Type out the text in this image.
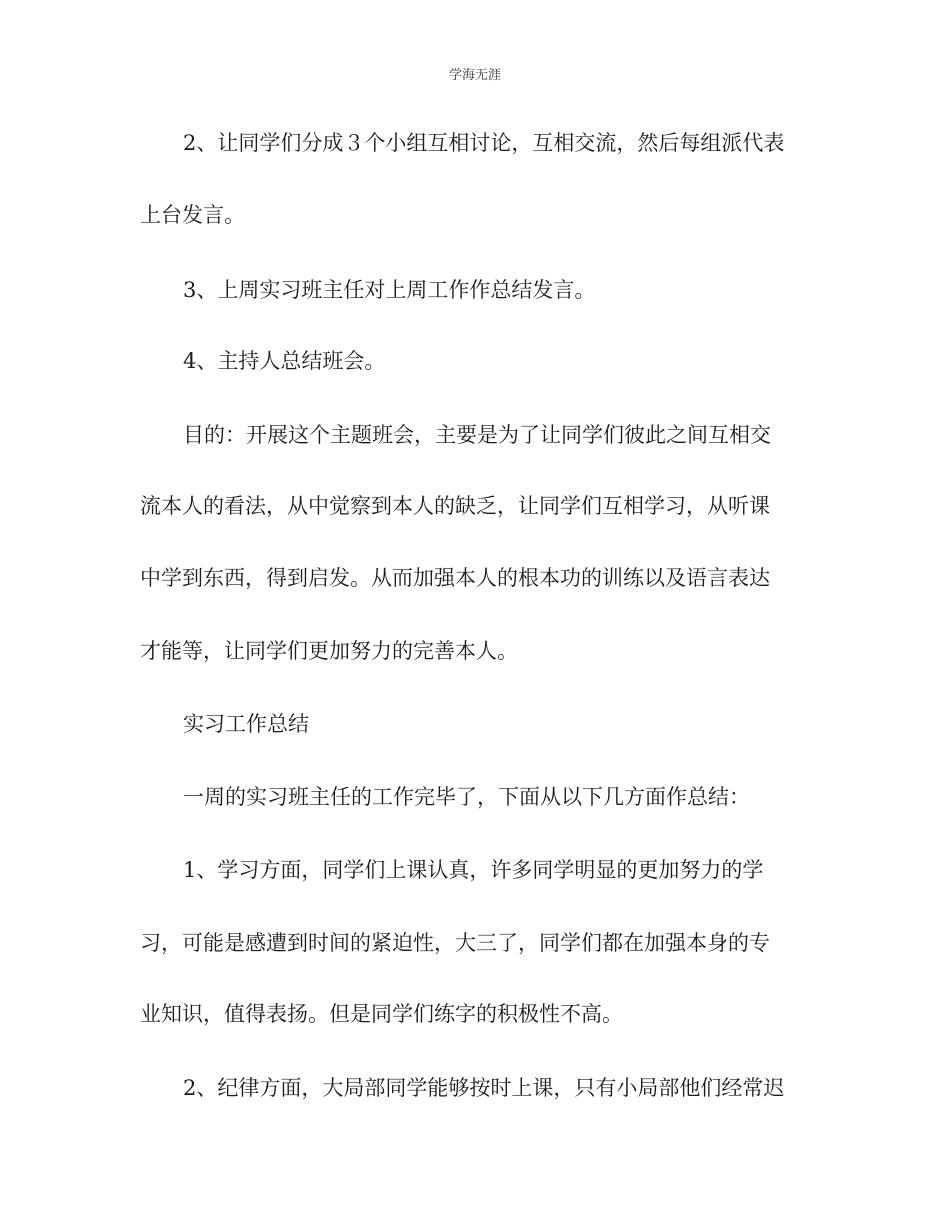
学海无涯
2、让同学们分成３个小组互相讨论，互相交流，然后每组派代表
上台发言。
3、上周实习班主任对上周工作作总结发言。
4、主持人总结班会。
目的：开展这个主题班会，主要是为了让同学们彼此之间互相交
流本人的看法，从中觉察到本人的缺乏，让同学们互相学习，从听课
中学到东西，得到启发。从而加强本人的根本功的训练以及语言表达
才能等，让同学们更加努力的完善本人。
实习工作总结
一周的实习班主任的工作完毕了，下面从以下几方面作总结：
1、学习方面，同学们上课认真，许多同学明显的更加努力的学
习，可能是感遭到时间的紧迫性，大三了，同学们都在加强本身的专
业知识，值得表扬。但是同学们练字的积极性不高。
2、纪律方面，大局部同学能够按时上课，只有小局部他们经常迟
